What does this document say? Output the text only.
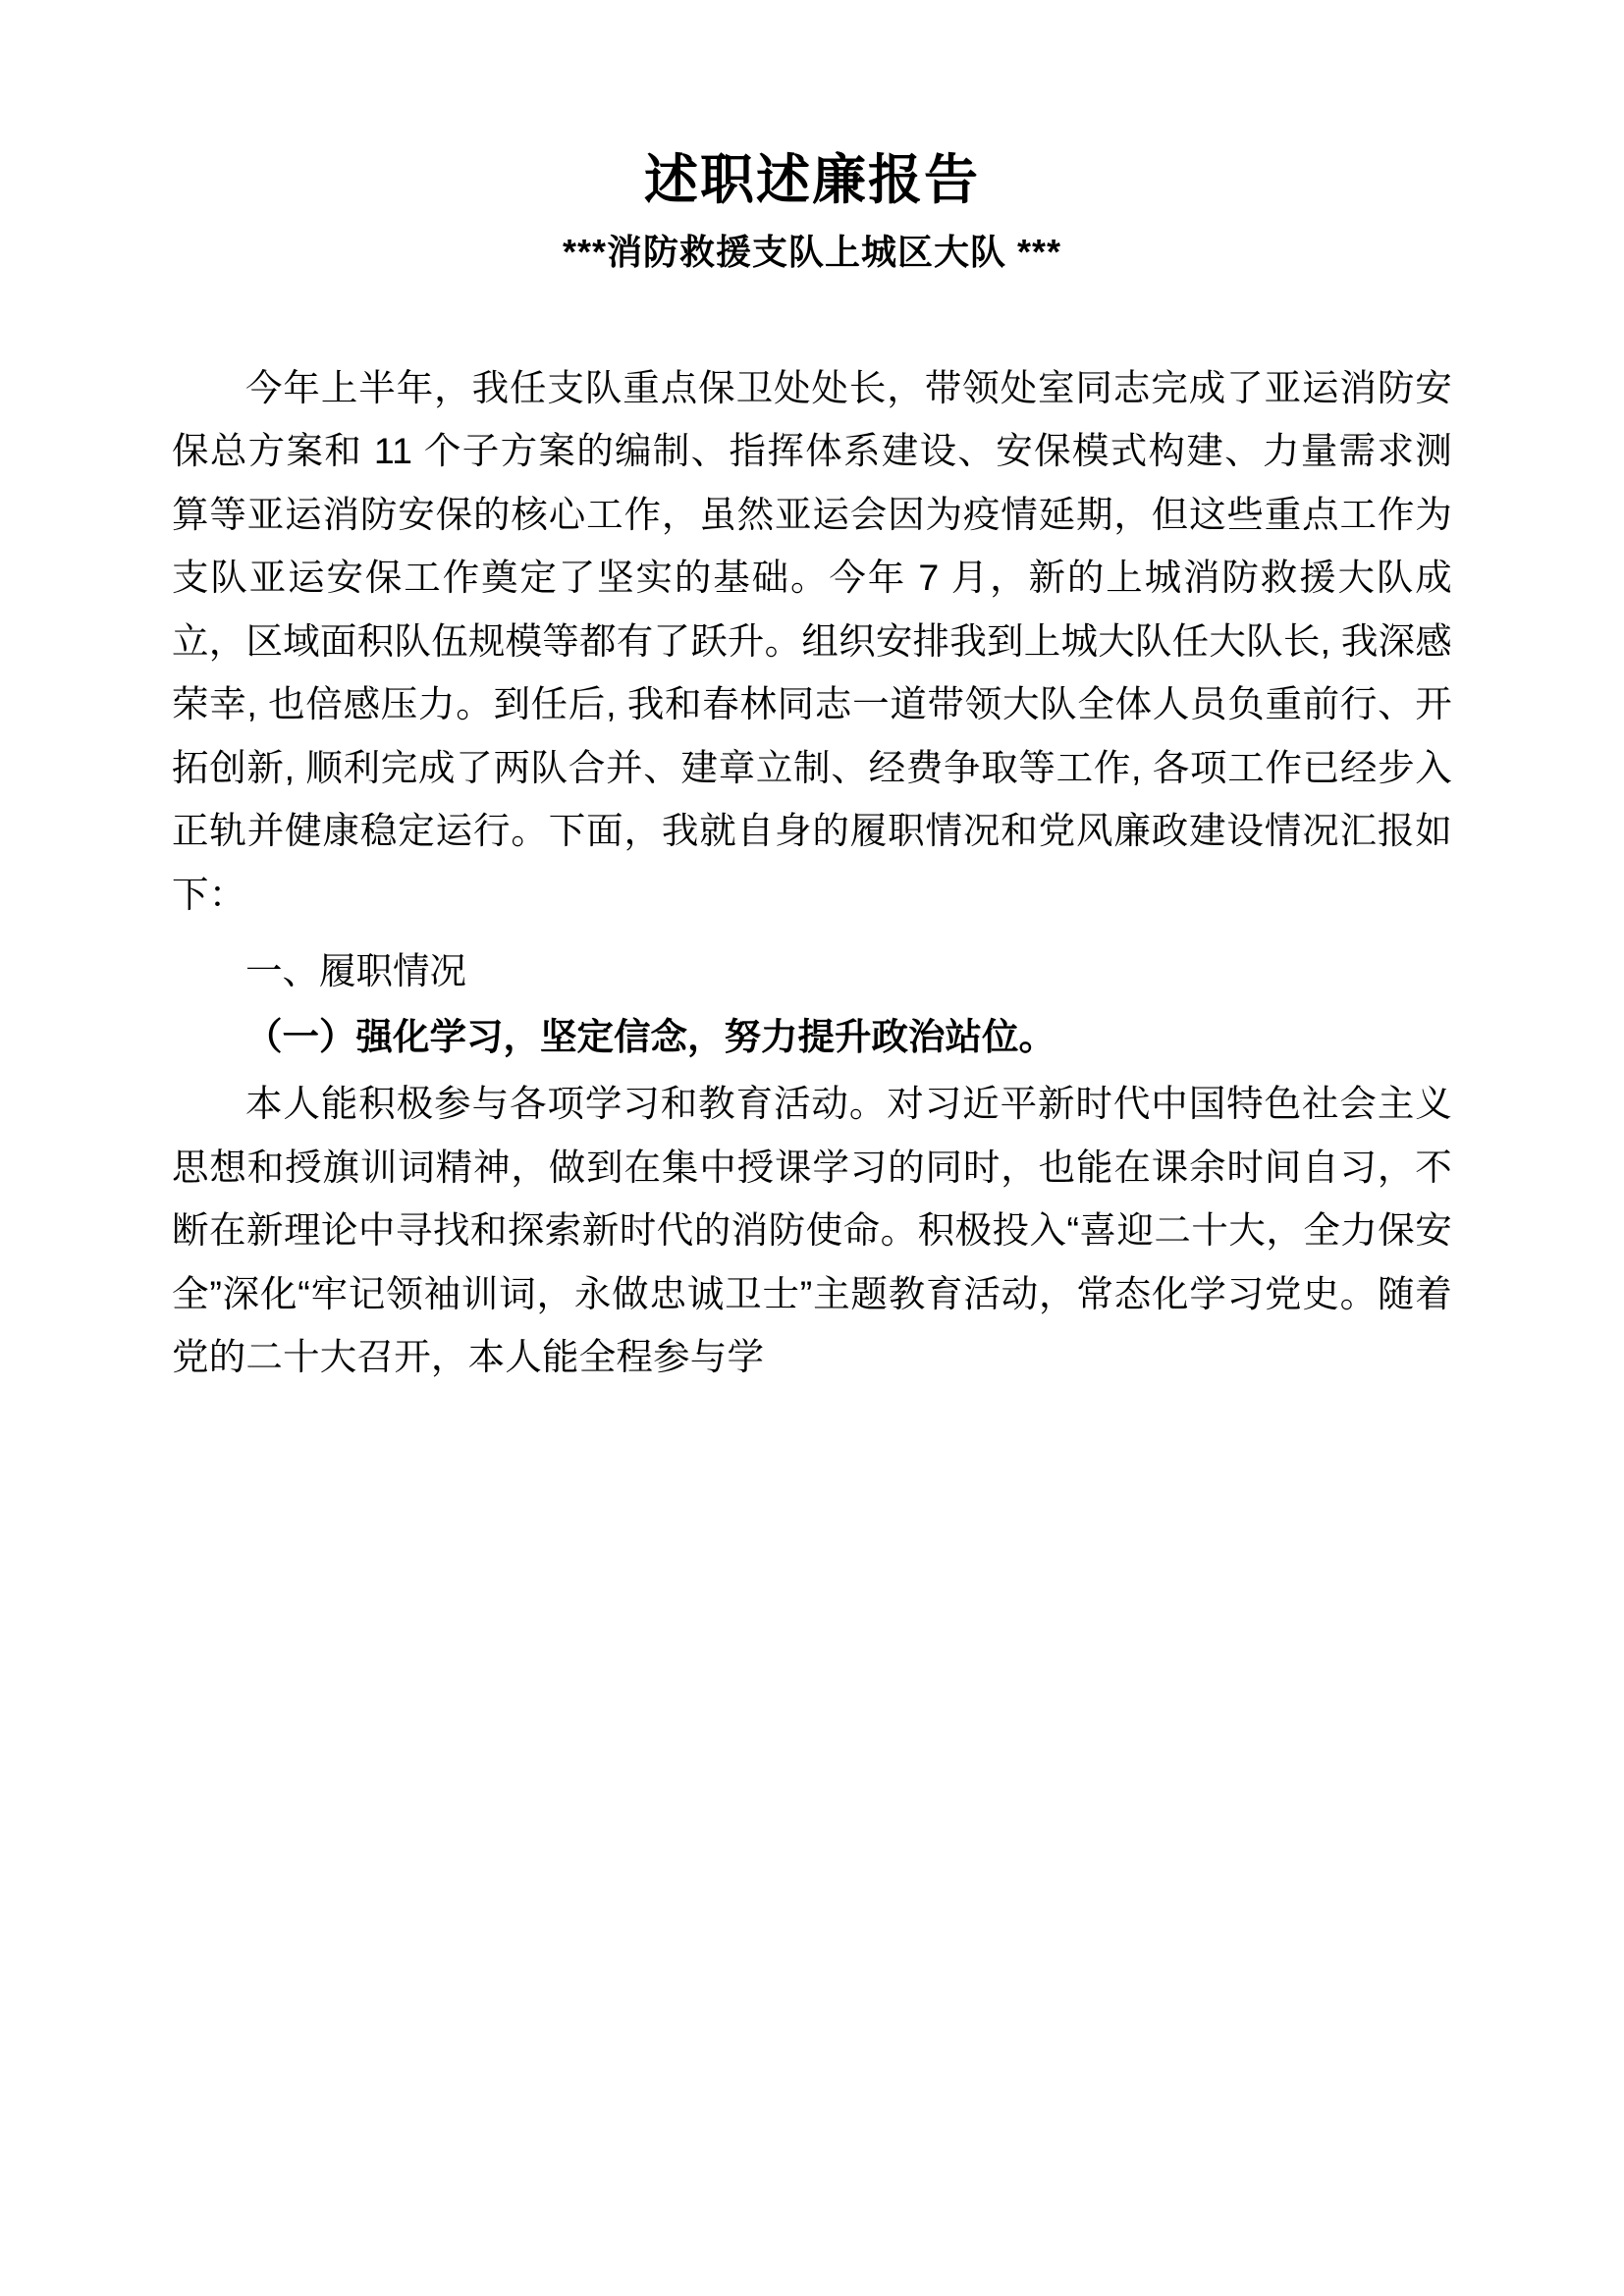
述职述廉报告
***消防救援支队上城区大队 ***

今年上半年，我任支队重点保卫处处长，带领处室同志完成了亚运消防安保总方案和 11 个子方案的编制、指挥体系建设、安保模式构建、力量需求测算等亚运消防安保的核心工作，虽然亚运会因为疫情延期，但这些重点工作为支队亚运安保工作奠定了坚实的基础。今年 7 月，新的上城消防救援大队成立，区域面积队伍规模等都有了跃升。组织安排我到上城大队任大队长, 我深感荣幸, 也倍感压力。到任后, 我和春林同志一道带领大队全体人员负重前行、开拓创新, 顺利完成了两队合并、建章立制、经费争取等工作, 各项工作已经步入正轨并健康稳定运行。下面，我就自身的履职情况和党风廉政建设情况汇报如下：

一、履职情况

（一）强化学习，坚定信念，努力提升政治站位。

本人能积极参与各项学习和教育活动。对习近平新时代中国特色社会主义思想和授旗训词精神，做到在集中授课学习的同时，也能在课余时间自习，不断在新理论中寻找和探索新时代的消防使命。积极投入“喜迎二十大，全力保安全”深化“牢记领袖训词，永做忠诚卫士”主题教育活动，常态化学习党史。随着党的二十大召开，本人能全程参与学
